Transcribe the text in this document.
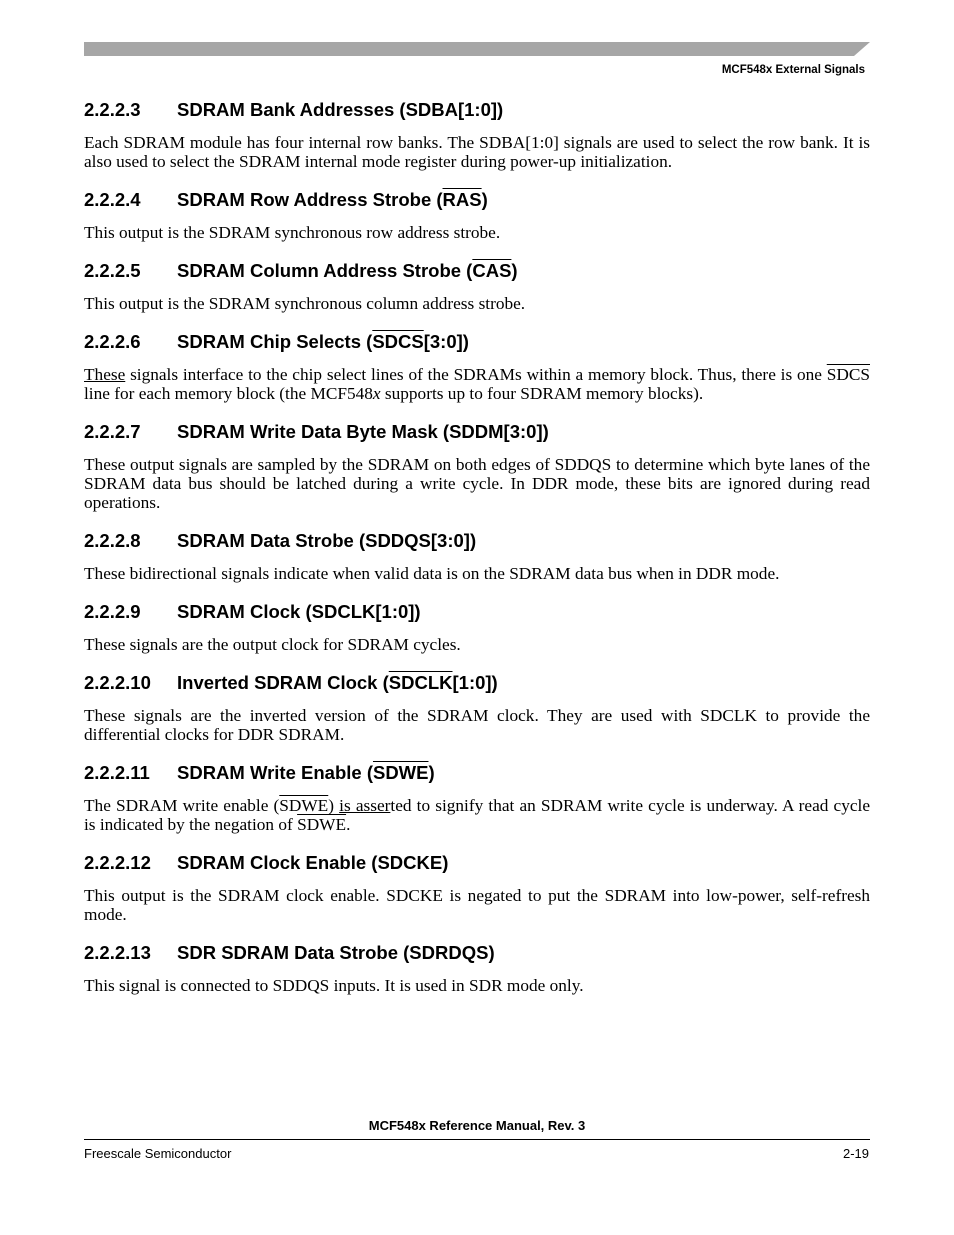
MCF548x External Signals
2.2.2.3 SDRAM Bank Addresses (SDBA[1:0])

Each SDRAM module has four internal row banks. The SDBA[1:0] signals are used to select the row bank. It is also used to select the SDRAM internal mode register during power-up initialization.

2.2.2.4 SDRAM Row Address Strobe (RAS)

This output is the SDRAM synchronous row address strobe.

2.2.2.5 SDRAM Column Address Strobe (CAS)

This output is the SDRAM synchronous column address strobe.

2.2.2.6 SDRAM Chip Selects (SDCS[3:0])

These signals interface to the chip select lines of the SDRAMs within a memory block. Thus, there is one SDCS line for each memory block (the MCF548x supports up to four SDRAM memory blocks).

2.2.2.7 SDRAM Write Data Byte Mask (SDDM[3:0])

These output signals are sampled by the SDRAM on both edges of SDDQS to determine which byte lanes of the SDRAM data bus should be latched during a write cycle. In DDR mode, these bits are ignored during read operations.

2.2.2.8 SDRAM Data Strobe (SDDQS[3:0])

These bidirectional signals indicate when valid data is on the SDRAM data bus when in DDR mode.

2.2.2.9 SDRAM Clock (SDCLK[1:0])

These signals are the output clock for SDRAM cycles.

2.2.2.10 Inverted SDRAM Clock (SDCLK[1:0])

These signals are the inverted version of the SDRAM clock. They are used with SDCLK to provide the differential clocks for DDR SDRAM.

2.2.2.11 SDRAM Write Enable (SDWE)

The SDRAM write enable (SDWE) is asserted to signify that an SDRAM write cycle is underway. A read cycle is indicated by the negation of SDWE.

2.2.2.12 SDRAM Clock Enable (SDCKE)

This output is the SDRAM clock enable. SDCKE is negated to put the SDRAM into low-power, self-refresh mode.

2.2.2.13 SDR SDRAM Data Strobe (SDRDQS)

This signal is connected to SDDQS inputs. It is used in SDR mode only.

MCF548x Reference Manual, Rev. 3
Freescale Semiconductor	2-19
